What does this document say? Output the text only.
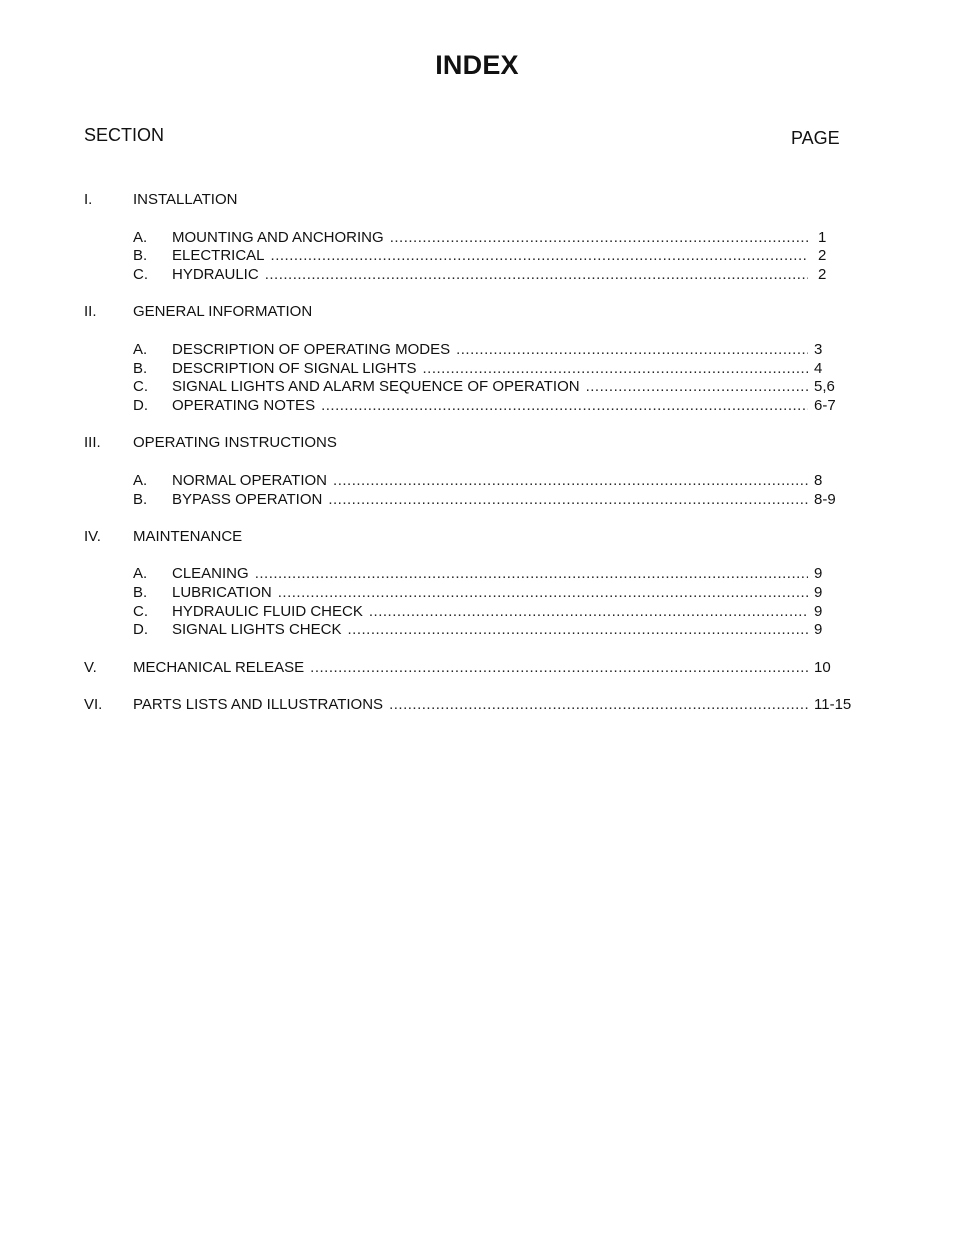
INDEX
SECTION	PAGE
I.	INSTALLATION
A. MOUNTING AND ANCHORING .....	1
B. ELECTRICAL .....	2
C. HYDRAULIC .....	2
II. GENERAL INFORMATION
A. DESCRIPTION OF OPERATING MODES .....	3
B. DESCRIPTION OF SIGNAL LIGHTS .....	4
C. SIGNAL LIGHTS AND ALARM SEQUENCE OF OPERATION .....	5,6
D. OPERATING NOTES .....	6-7
III. OPERATING INSTRUCTIONS
A. NORMAL OPERATION .....	8
B. BYPASS OPERATION .....	8-9
IV. MAINTENANCE
A. CLEANING .....	9
B. LUBRICATION .....	9
C. HYDRAULIC FLUID CHECK .....	9
D. SIGNAL LIGHTS CHECK .....	9
V. MECHANICAL RELEASE .....	10
VI. PARTS LISTS AND ILLUSTRATIONS .....	11-15
